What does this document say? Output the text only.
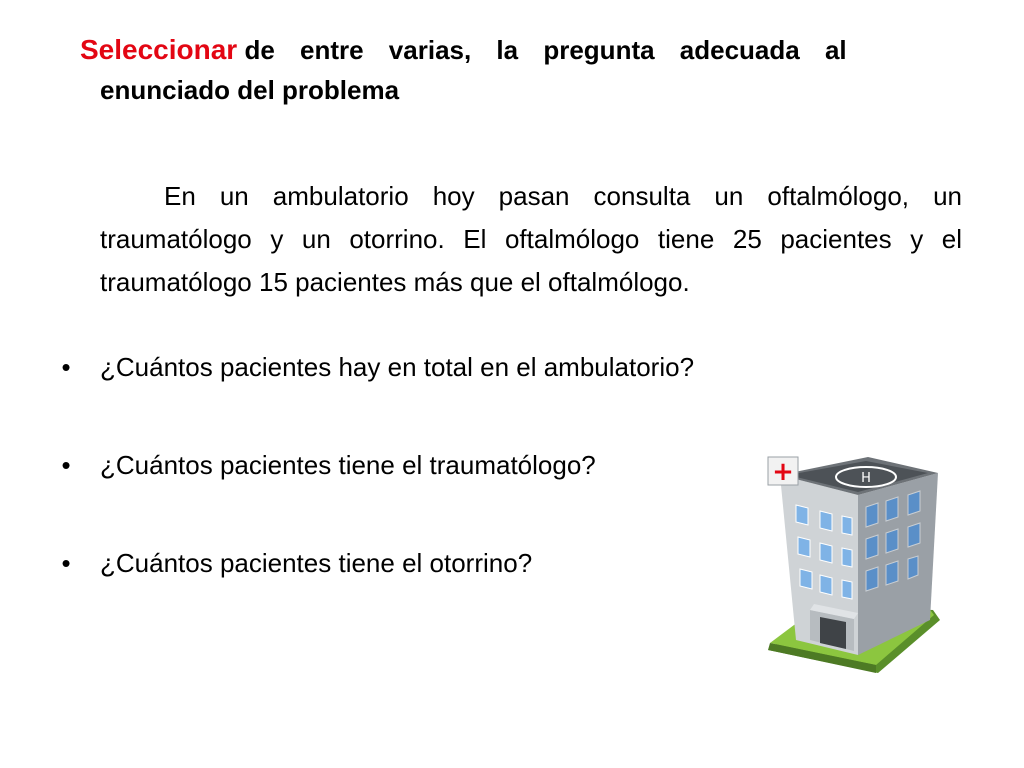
Seleccionar de entre varias, la pregunta adecuada al
enunciado del problema

En un ambulatorio hoy pasan consulta un oftalmólogo, un traumatólogo y un otorrino. El oftalmólogo tiene 25 pacientes y el traumatólogo 15 pacientes más que el oftalmólogo.

• ¿Cuántos pacientes hay en total en el ambulatorio?
• ¿Cuántos pacientes tiene el traumatólogo?
• ¿Cuántos pacientes tiene el otorrino?
H
+
